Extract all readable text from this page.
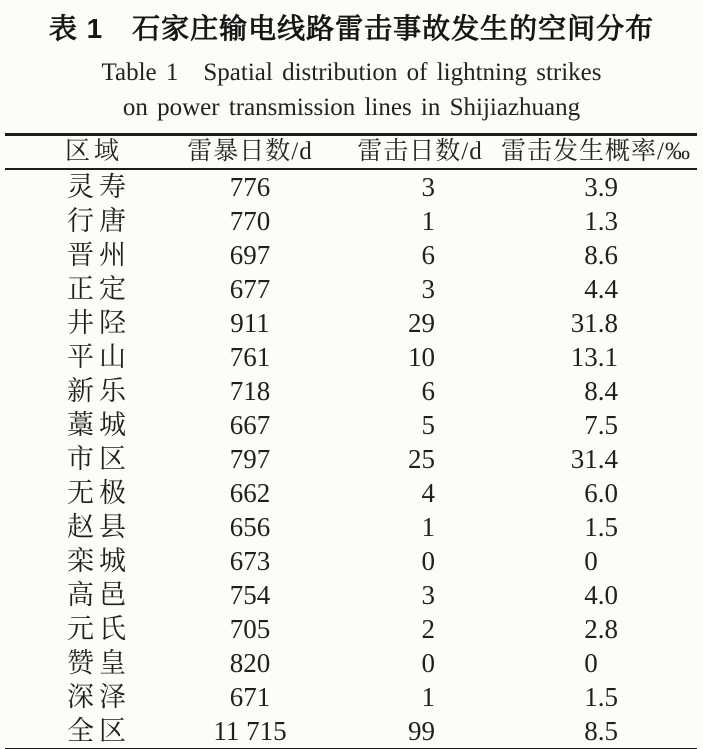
表 1　石家庄输电线路雷击事故发生的空间分布
Table 1 Spatial distribution of lightning strikes
on power transmission lines in Shijiazhuang
区域	雷暴日数/d	雷击日数/d	雷击发生概率/‰
灵寿	776	3	3.9
行唐	770	1	1.3
晋州	697	6	8.6
正定	677	3	4.4
井陉	911	29	31.8
平山	761	10	13.1
新乐	718	6	8.4
藁城	667	5	7.5
市区	797	25	31.4
无极	662	4	6.0
赵县	656	1	1.5
栾城	673	0	0
高邑	754	3	4.0
元氏	705	2	2.8
赞皇	820	0	0
深泽	671	1	1.5
全区	11 715	99	8.5
